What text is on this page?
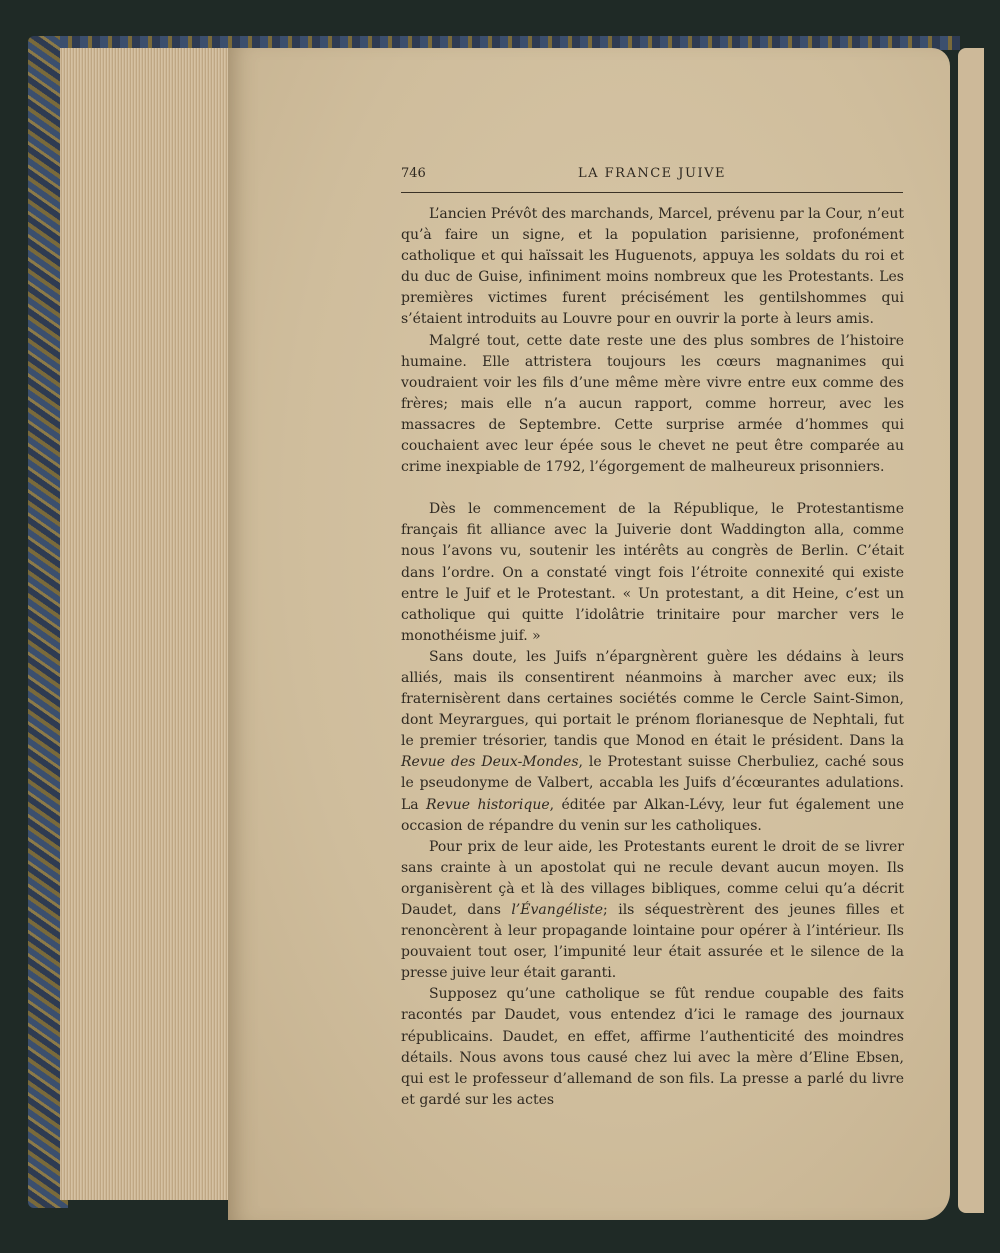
746	LA FRANCE JUIVE

L’ancien Prévôt des marchands, Marcel, prévenu par la Cour, n’eut qu’à faire un signe, et la population parisienne, profonément catholique et qui haïssait les Huguenots, appuya les soldats du roi et du duc de Guise, infiniment moins nombreux que les Protestants. Les premières victimes furent précisément les gentilshommes qui s’étaient introduits au Louvre pour en ouvrir la porte à leurs amis.

Malgré tout, cette date reste une des plus sombres de l’histoire humaine. Elle attristera toujours les cœurs magnanimes qui voudraient voir les fils d’une même mère vivre entre eux comme des frères; mais elle n’a aucun rapport, comme horreur, avec les massacres de Septembre. Cette surprise armée d’hommes qui couchaient avec leur épée sous le chevet ne peut être comparée au crime inexpiable de 1792, l’égorgement de malheureux prisonniers.

Dès le commencement de la République, le Protestantisme français fit alliance avec la Juiverie dont Waddington alla, comme nous l’avons vu, soutenir les intérêts au congrès de Berlin. C’était dans l’ordre. On a constaté vingt fois l’étroite connexité qui existe entre le Juif et le Protestant. « Un protestant, a dit Heine, c’est un catholique qui quitte l’idolâtrie trinitaire pour marcher vers le monothéisme juif. »

Sans doute, les Juifs n’épargnèrent guère les dédains à leurs alliés, mais ils consentirent néanmoins à marcher avec eux; ils fraternisèrent dans certaines sociétés comme le Cercle Saint-Simon, dont Meyrargues, qui portait le prénom florianesque de Nephtali, fut le premier trésorier, tandis que Monod en était le président. Dans la Revue des Deux-Mondes, le Protestant suisse Cherbuliez, caché sous le pseudonyme de Valbert, accabla les Juifs d’écœurantes adulations. La Revue historique, éditée par Alkan-Lévy, leur fut également une occasion de répandre du venin sur les catholiques.

Pour prix de leur aide, les Protestants eurent le droit de se livrer sans crainte à un apostolat qui ne recule devant aucun moyen. Ils organisèrent çà et là des villages bibliques, comme celui qu’a décrit Daudet, dans l’Évangéliste; ils séquestrèrent des jeunes filles et renoncèrent à leur propagande lointaine pour opérer à l’intérieur. Ils pouvaient tout oser, l’impunité leur était assurée et le silence de la presse juive leur était garanti.

Supposez qu’une catholique se fût rendue coupable des faits racontés par Daudet, vous entendez d’ici le ramage des journaux républicains. Daudet, en effet, affirme l’authenticité des moindres détails. Nous avons tous causé chez lui avec la mère d’Eline Ebsen, qui est le professeur d’allemand de son fils. La presse a parlé du livre et gardé sur les actes
